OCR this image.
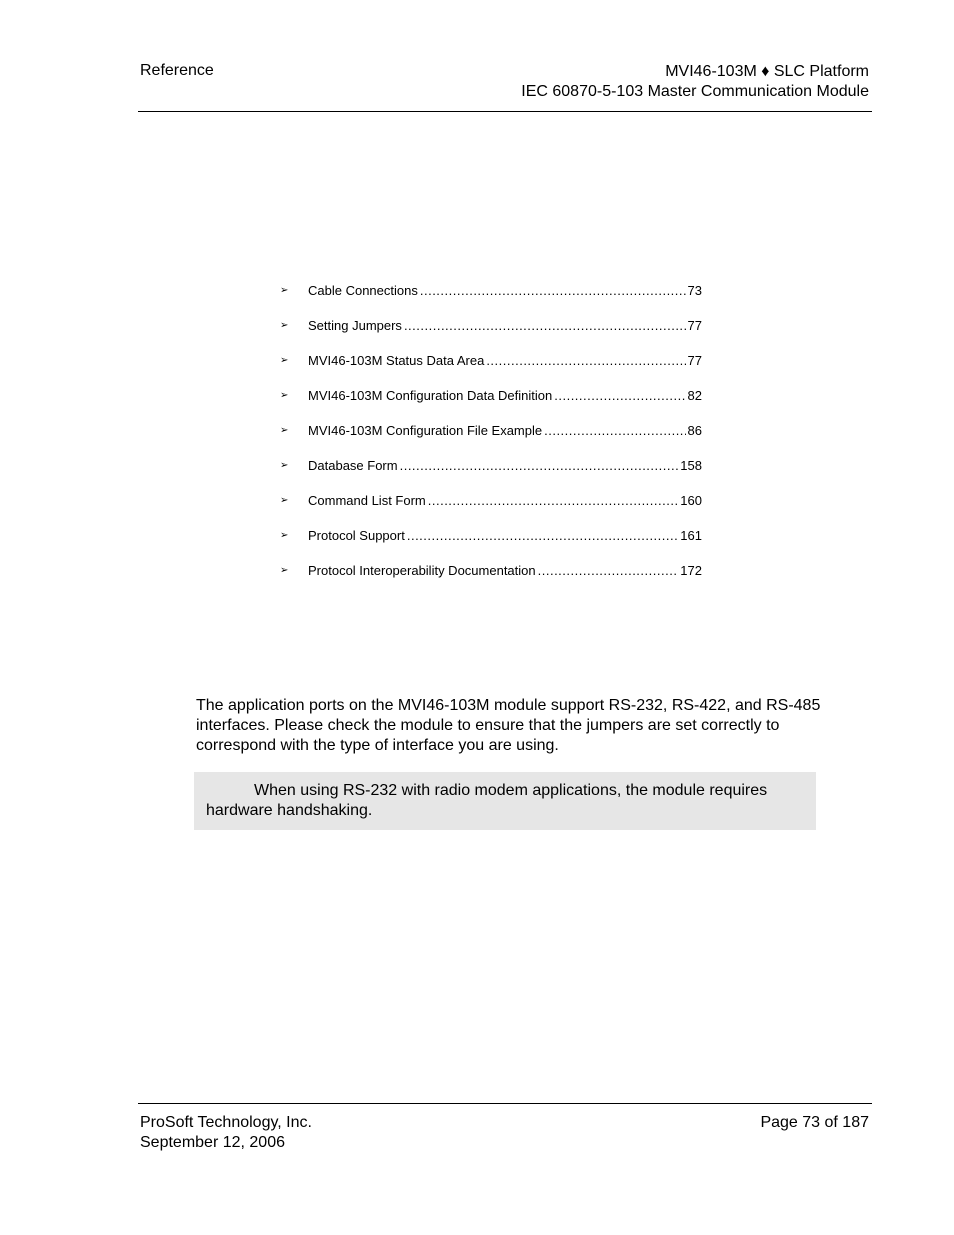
Reference	MVI46-103M ♦ SLC Platform
IEC 60870-5-103 Master Communication Module
➢	Cable Connections .....	73
➢	Setting Jumpers .....	77
➢	MVI46-103M Status Data Area .....	77
➢	MVI46-103M Configuration Data Definition .....	82
➢	MVI46-103M Configuration File Example .....	86
➢	Database Form .....	158
➢	Command List Form .....	160
➢	Protocol Support .....	161
➢	Protocol Interoperability Documentation .....	172

The application ports on the MVI46-103M module support RS-232, RS-422, and RS-485 interfaces. Please check the module to ensure that the jumpers are set correctly to correspond with the type of interface you are using.

When using RS-232 with radio modem applications, the module requires hardware handshaking.
ProSoft Technology, Inc.
September 12, 2006
Page 73 of 187
